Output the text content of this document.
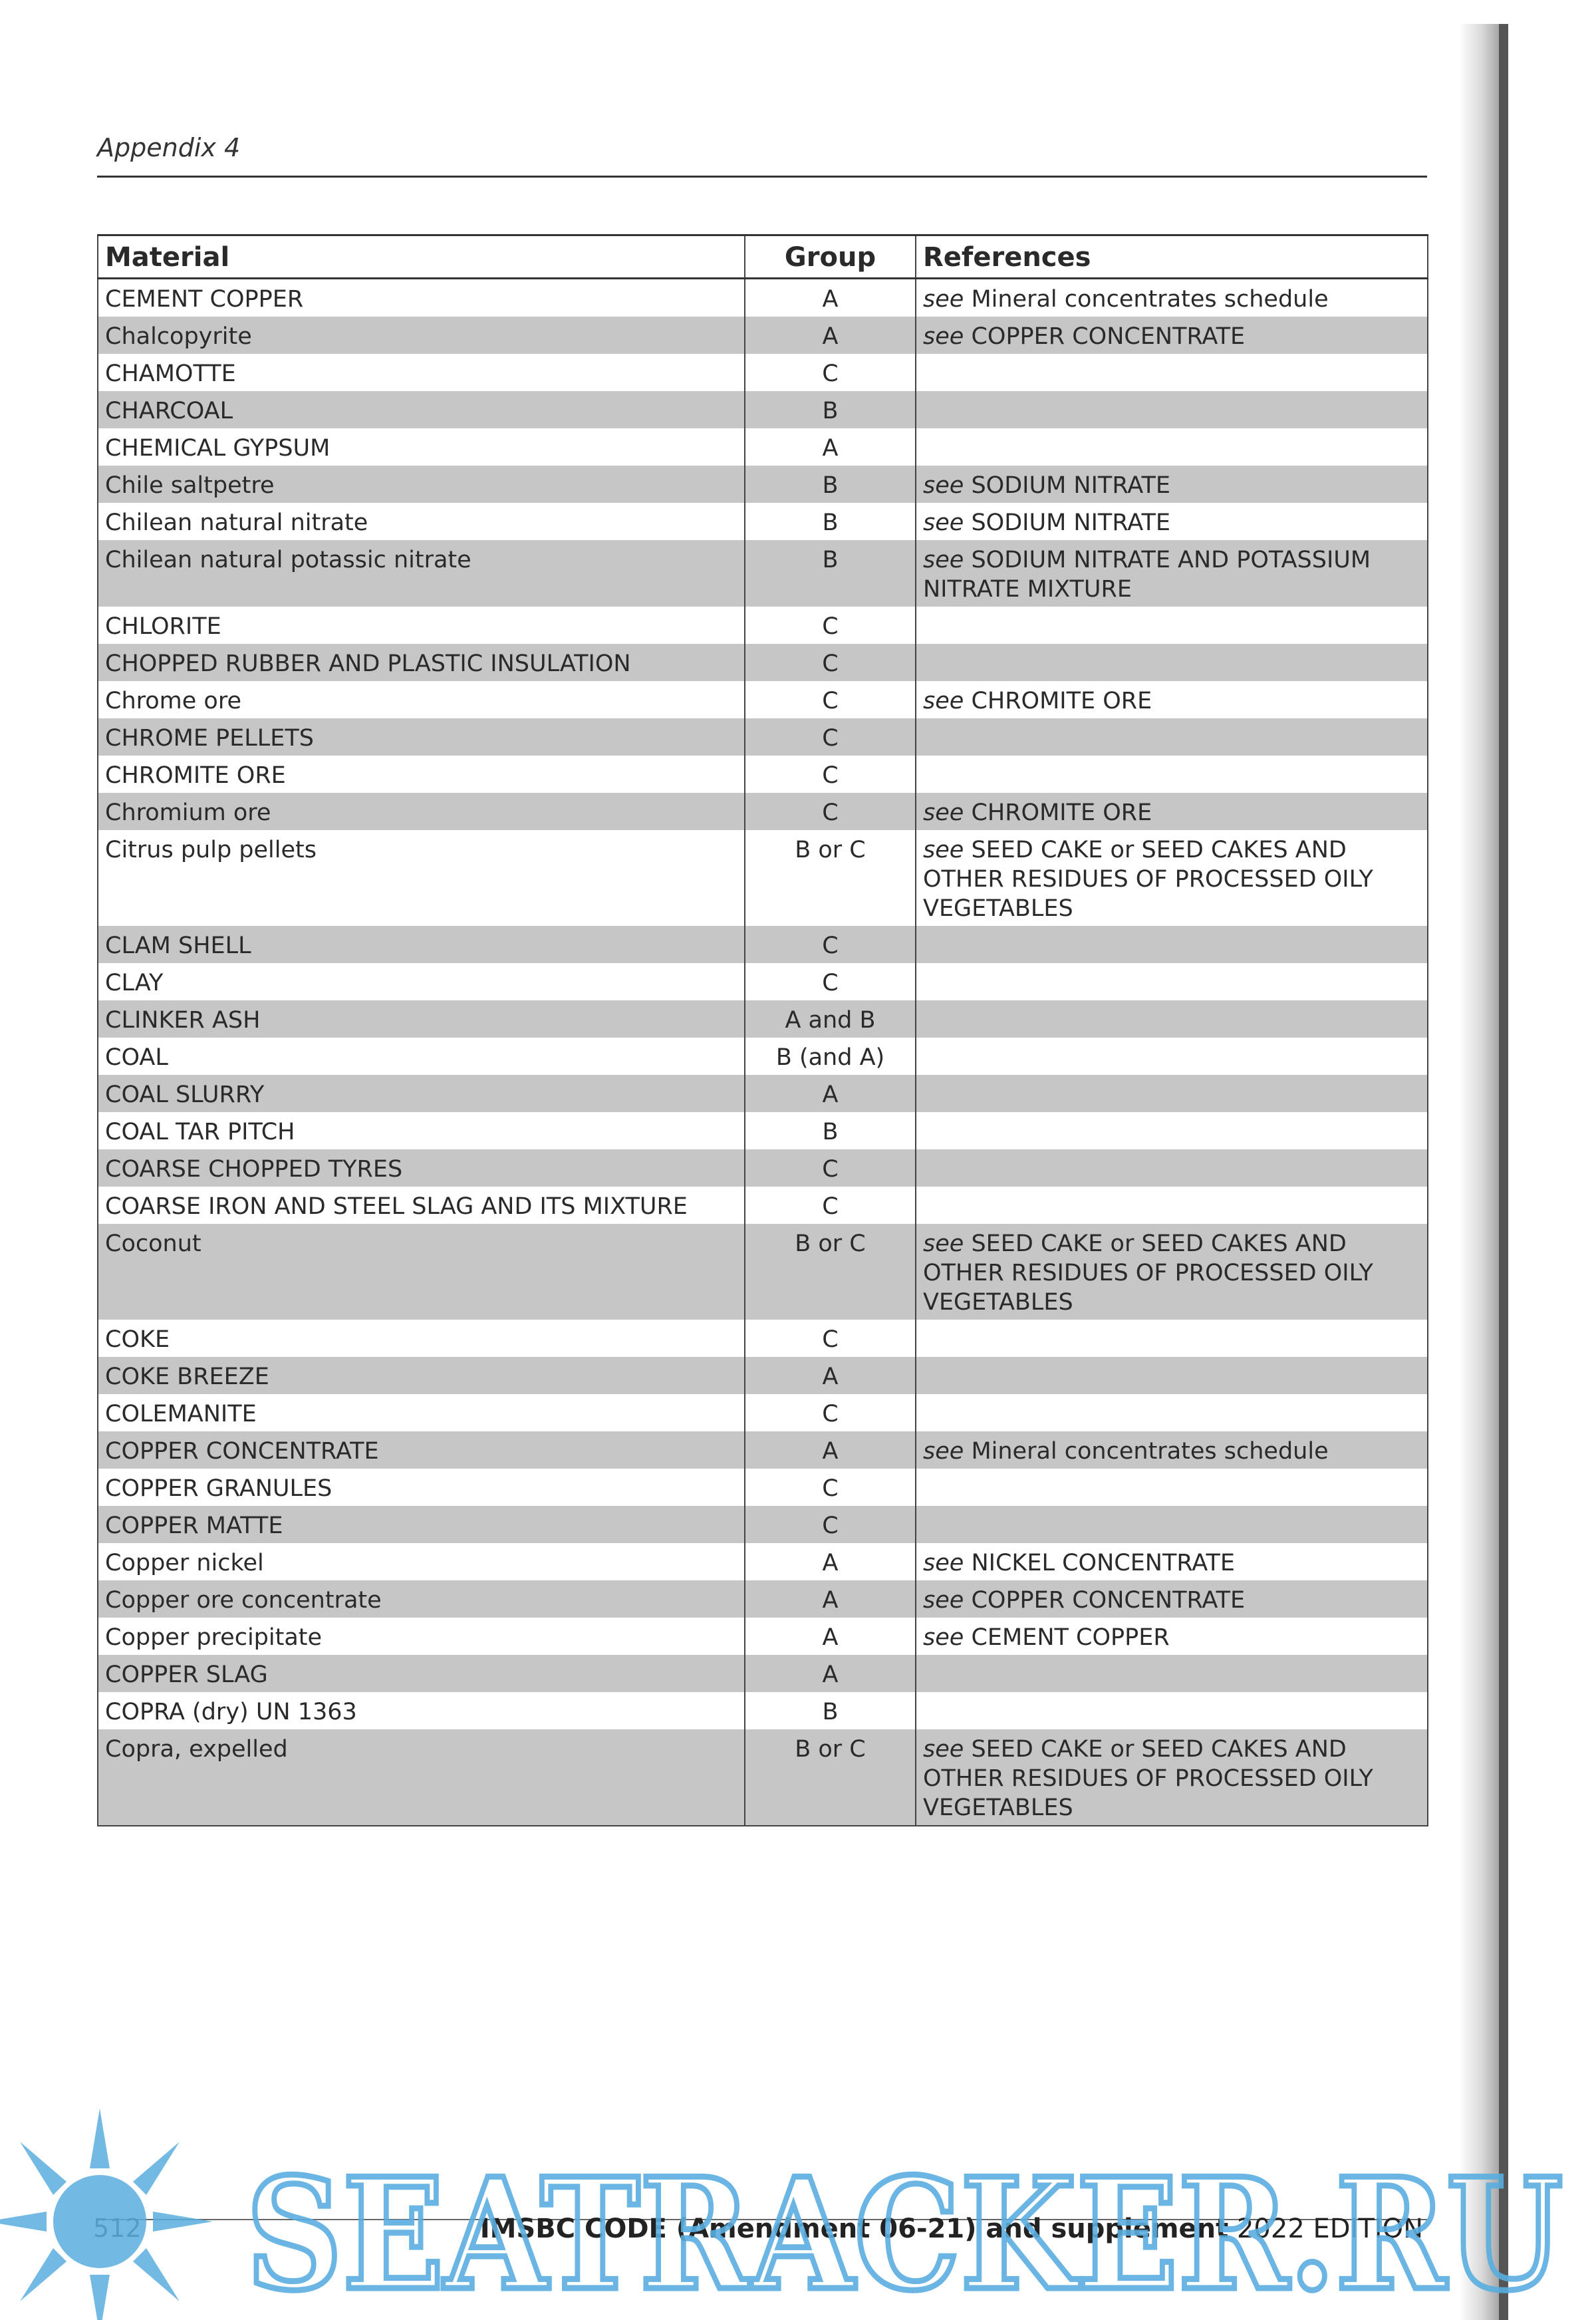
Appendix 4
Material	Group	References
CEMENT COPPER	A	see Mineral concentrates schedule
Chalcopyrite	A	see COPPER CONCENTRATE
CHAMOTTE	C	
CHARCOAL	B	
CHEMICAL GYPSUM	A	
Chile saltpetre	B	see SODIUM NITRATE
Chilean natural nitrate	B	see SODIUM NITRATE
Chilean natural potassic nitrate	B	see SODIUM NITRATE AND POTASSIUM NITRATE MIXTURE
CHLORITE	C	
CHOPPED RUBBER AND PLASTIC INSULATION	C	
Chrome ore	C	see CHROMITE ORE
CHROME PELLETS	C	
CHROMITE ORE	C	
Chromium ore	C	see CHROMITE ORE
Citrus pulp pellets	B or C	see SEED CAKE or SEED CAKES AND OTHER RESIDUES OF PROCESSED OILY VEGETABLES
CLAM SHELL	C	
CLAY	C	
CLINKER ASH	A and B	
COAL	B (and A)	
COAL SLURRY	A	
COAL TAR PITCH	B	
COARSE CHOPPED TYRES	C	
COARSE IRON AND STEEL SLAG AND ITS MIXTURE	C	
Coconut	B or C	see SEED CAKE or SEED CAKES AND OTHER RESIDUES OF PROCESSED OILY VEGETABLES
COKE	C	
COKE BREEZE	A	
COLEMANITE	C	
COPPER CONCENTRATE	A	see Mineral concentrates schedule
COPPER GRANULES	C	
COPPER MATTE	C	
Copper nickel	A	see NICKEL CONCENTRATE
Copper ore concentrate	A	see COPPER CONCENTRATE
Copper precipitate	A	see CEMENT COPPER
COPPER SLAG	A	
COPRA (dry) UN 1363	B	
Copra, expelled	B or C	see SEED CAKE or SEED CAKES AND OTHER RESIDUES OF PROCESSED OILY VEGETABLES
IMSBC CODE (Amendment 06-21) and supplement 2022 EDITION
SEATRACKER.RU
